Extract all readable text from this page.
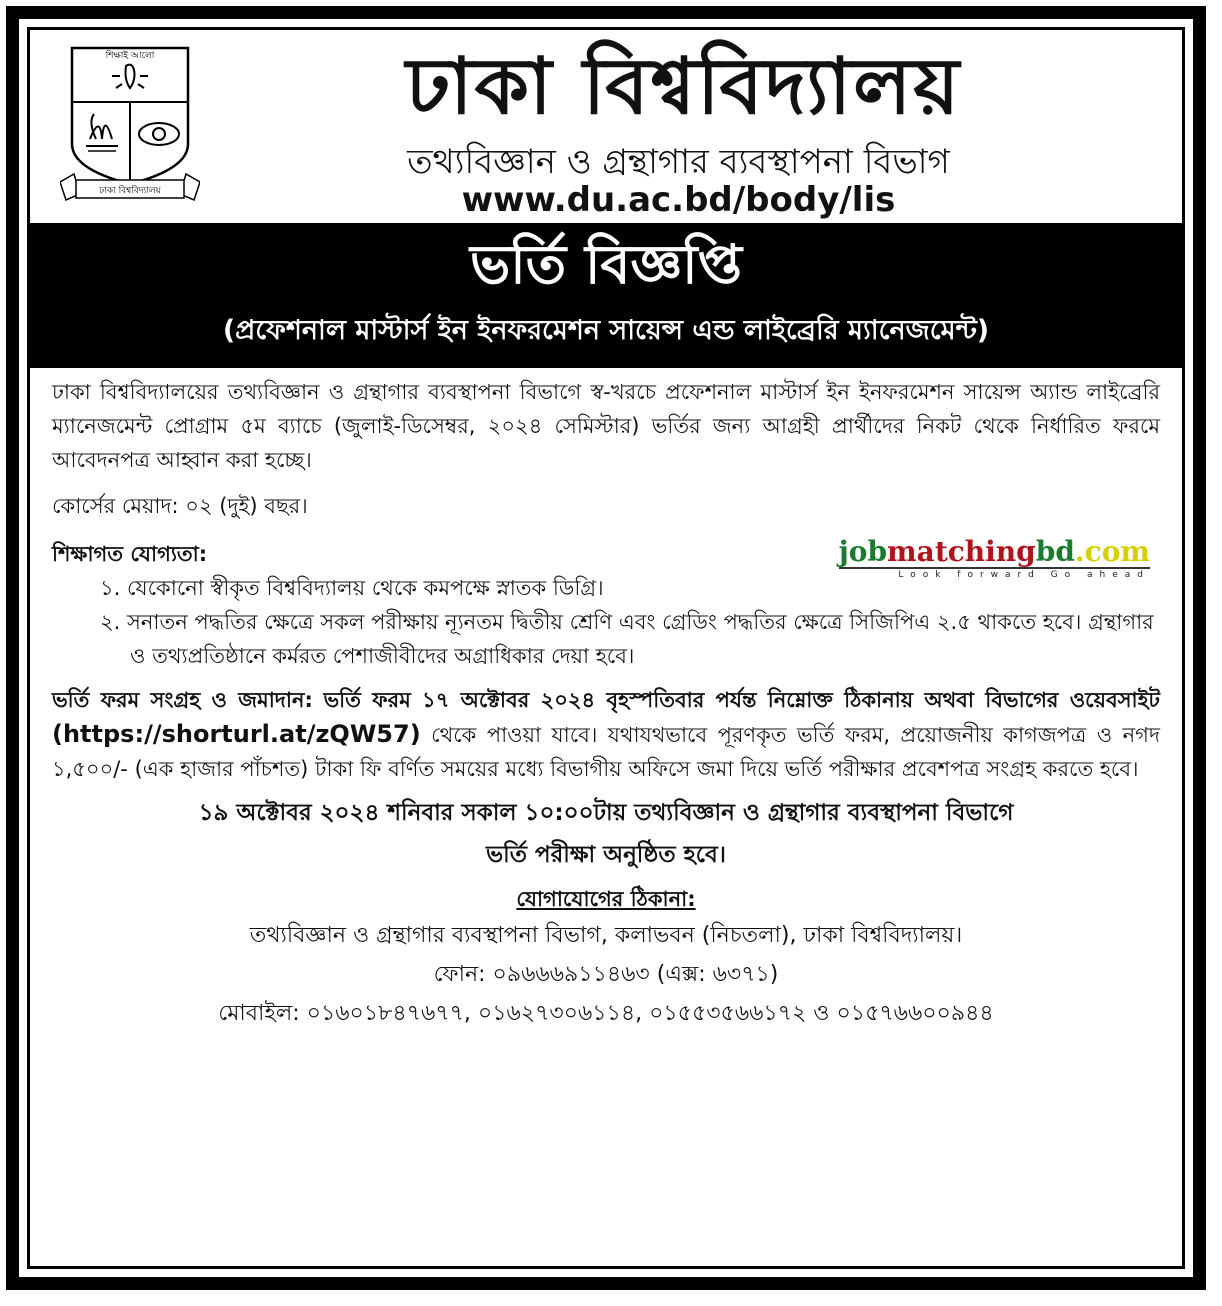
শিক্ষাই আলো
ঢাকা বিশ্ববিদ্যালয়
ঢাকা বিশ্ববিদ্যালয়
তথ্যবিজ্ঞান ও গ্রন্থাগার ব্যবস্থাপনা বিভাগ
www.du.ac.bd/body/lis
ভর্তি বিজ্ঞপ্তি
(প্রফেশনাল মাস্টার্স ইন ইনফরমেশন সায়েন্স এন্ড লাইব্রেরি ম্যানেজমেন্ট)
jobmatchingbd.com
Look forward Go ahead

ঢাকা বিশ্ববিদ্যালয়ের তথ্যবিজ্ঞান ও গ্রন্থাগার ব্যবস্থাপনা বিভাগে স্ব-খরচে প্রফেশনাল মাস্টার্স ইন ইনফরমেশন সায়েন্স অ্যান্ড লাইব্রেরি ম্যানেজমেন্ট প্রোগ্রাম ৫ম ব্যাচে (জুলাই-ডিসেম্বর, ২০২৪ সেমিস্টার) ভর্তির জন্য আগ্রহী প্রার্থীদের নিকট থেকে নির্ধারিত ফরমে আবেদনপত্র আহ্বান করা হচ্ছে।

কোর্সের মেয়াদ: ০২ (দুই) বছর।
শিক্ষাগত যোগ্যতা:
১. যেকোনো স্বীকৃত বিশ্ববিদ্যালয় থেকে কমপক্ষে স্নাতক ডিগ্রি।
২. সনাতন পদ্ধতির ক্ষেত্রে সকল পরীক্ষায় ন্যূনতম দ্বিতীয় শ্রেণি এবং গ্রেডিং পদ্ধতির ক্ষেত্রে সিজিপিএ ২.৫ থাকতে হবে। গ্রন্থাগার ও তথ্যপ্রতিষ্ঠানে কর্মরত পেশাজীবীদের অগ্রাধিকার দেয়া হবে।

ভর্তি ফরম সংগ্রহ ও জমাদান: ভর্তি ফরম ১৭ অক্টোবর ২০২৪ বৃহস্পতিবার পর্যন্ত নিম্নোক্ত ঠিকানায় অথবা বিভাগের ওয়েবসাইট (https://shorturl.at/zQW57) থেকে পাওয়া যাবে। যথাযথভাবে পূরণকৃত ভর্তি ফরম, প্রয়োজনীয় কাগজপত্র ও নগদ ১,৫০০/- (এক হাজার পাঁচশত) টাকা ফি বর্ণিত সময়ের মধ্যে বিভাগীয় অফিসে জমা দিয়ে ভর্তি পরীক্ষার প্রবেশপত্র সংগ্রহ করতে হবে।

১৯ অক্টোবর ২০২৪ শনিবার সকাল ১০:০০টায় তথ্যবিজ্ঞান ও গ্রন্থাগার ব্যবস্থাপনা বিভাগে
ভর্তি পরীক্ষা অনুষ্ঠিত হবে।
যোগাযোগের ঠিকানা:
তথ্যবিজ্ঞান ও গ্রন্থাগার ব্যবস্থাপনা বিভাগ, কলাভবন (নিচতলা), ঢাকা বিশ্ববিদ্যালয়।
ফোন: ০৯৬৬৬৯১১৪৬৩ (এক্স: ৬৩৭১)
মোবাইল: ০১৬০১৮৪৭৬৭৭, ০১৬২৭৩০৬১১৪, ০১৫৫৩৫৬৬১৭২ ও ০১৫৭৬৬০০৯৪৪
